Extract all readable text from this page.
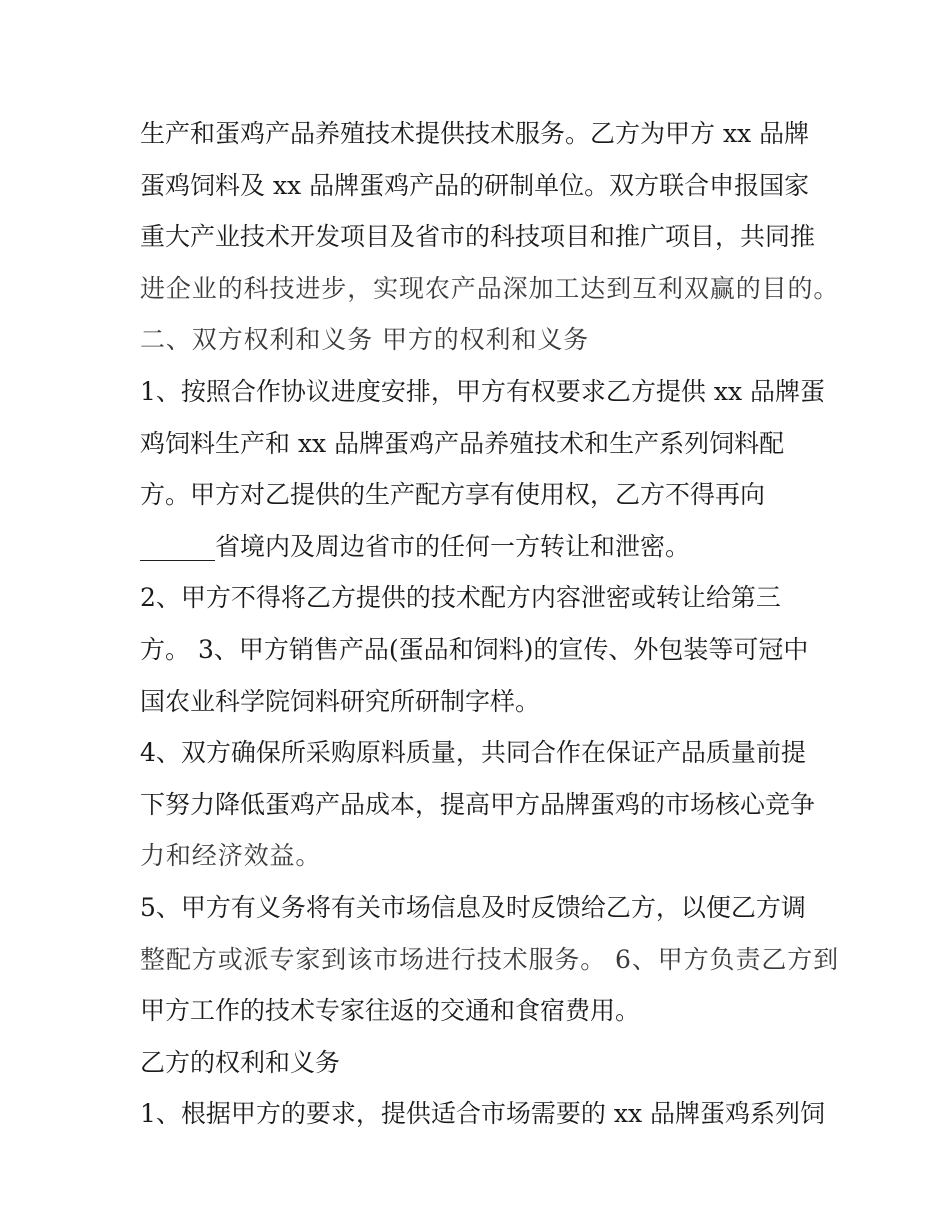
生产和蛋鸡产品养殖技术提供技术服务。乙方为甲方 xx 品牌
蛋鸡饲料及 xx 品牌蛋鸡产品的研制单位。双方联合申报国家
重大产业技术开发项目及省市的科技项目和推广项目，共同推
进企业的科技进步，实现农产品深加工达到互利双赢的目的。
二、双方权利和义务 甲方的权利和义务
1、按照合作协议进度安排，甲方有权要求乙方提供 xx 品牌蛋
鸡饲料生产和 xx 品牌蛋鸡产品养殖技术和生产系列饲料配
方。甲方对乙提供的生产配方享有使用权，乙方不得再向
______省境内及周边省市的任何一方转让和泄密。
2、甲方不得将乙方提供的技术配方内容泄密或转让给第三
方。 3、甲方销售产品(蛋品和饲料)的宣传、外包装等可冠中
国农业科学院饲料研究所研制字样。
4、双方确保所采购原料质量，共同合作在保证产品质量前提
下努力降低蛋鸡产品成本，提高甲方品牌蛋鸡的市场核心竞争
力和经济效益。
5、甲方有义务将有关市场信息及时反馈给乙方，以便乙方调
整配方或派专家到该市场进行技术服务。 6、甲方负责乙方到
甲方工作的技术专家往返的交通和食宿费用。
乙方的权利和义务
1、根据甲方的要求，提供适合市场需要的 xx 品牌蛋鸡系列饲
